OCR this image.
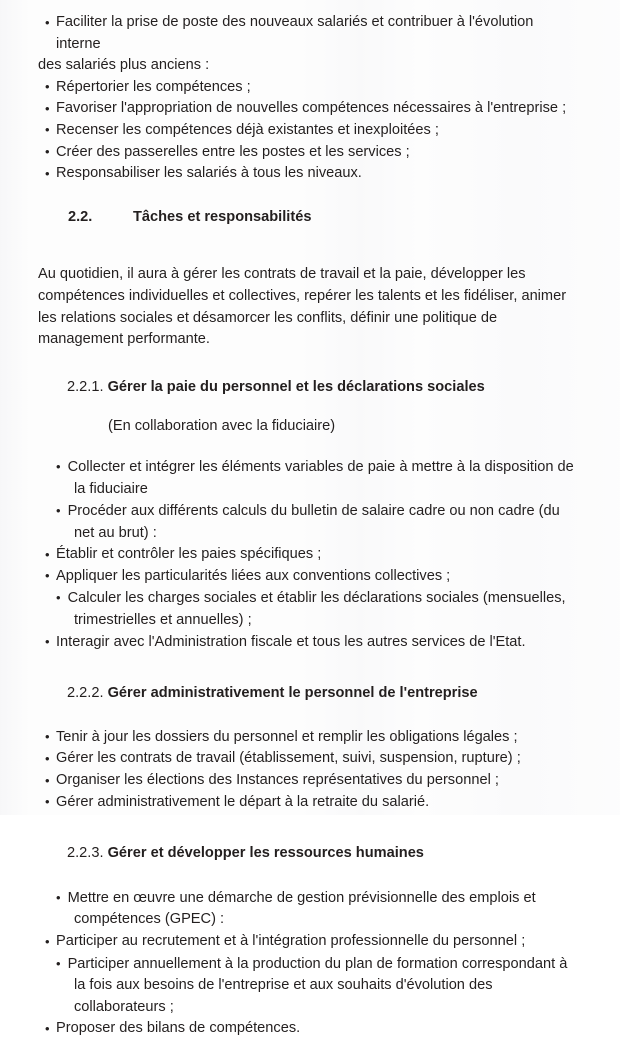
• Faciliter la prise de poste des nouveaux salariés et contribuer à l'évolution interne
des salariés plus anciens :
• Répertorier les compétences ;
• Favoriser l'appropriation de nouvelles compétences nécessaires à l'entreprise ;
• Recenser les compétences déjà existantes et inexploitées ;
• Créer des passerelles entre les postes et les services ;
• Responsabiliser les salariés à tous les niveaux.
2.2.	Tâches et responsabilités

Au quotidien, il aura à gérer les contrats de travail et la paie, développer les compétences individuelles et collectives, repérer les talents et les fidéliser, animer les relations sociales et désamorcer les conflits, définir une politique de management performante.

2.2.1. Gérer la paie du personnel et les déclarations sociales

(En collaboration avec la fiduciaire)

• Collecter et intégrer les éléments variables de paie à mettre à la disposition de la fiduciaire
• Procéder aux différents calculs du bulletin de salaire cadre ou non cadre (du net au brut) :
• Établir et contrôler les paies spécifiques ;
• Appliquer les particularités liées aux conventions collectives ;
• Calculer les charges sociales et établir les déclarations sociales (mensuelles, trimestrielles et annuelles) ;
• Interagir avec l'Administration fiscale et tous les autres services de l'Etat.
2.2.2. Gérer administrativement le personnel de l'entreprise
• Tenir à jour les dossiers du personnel et remplir les obligations légales ;
• Gérer les contrats de travail (établissement, suivi, suspension, rupture) ;
• Organiser les élections des Instances représentatives du personnel ;
• Gérer administrativement le départ à la retraite du salarié.
2.2.3. Gérer et développer les ressources humaines
• Mettre en œuvre une démarche de gestion prévisionnelle des emplois et compétences (GPEC) :
• Participer au recrutement et à l'intégration professionnelle du personnel ;
• Participer annuellement à la production du plan de formation correspondant à la fois aux besoins de l'entreprise et aux souhaits d'évolution des collaborateurs ;
• Proposer des bilans de compétences.
